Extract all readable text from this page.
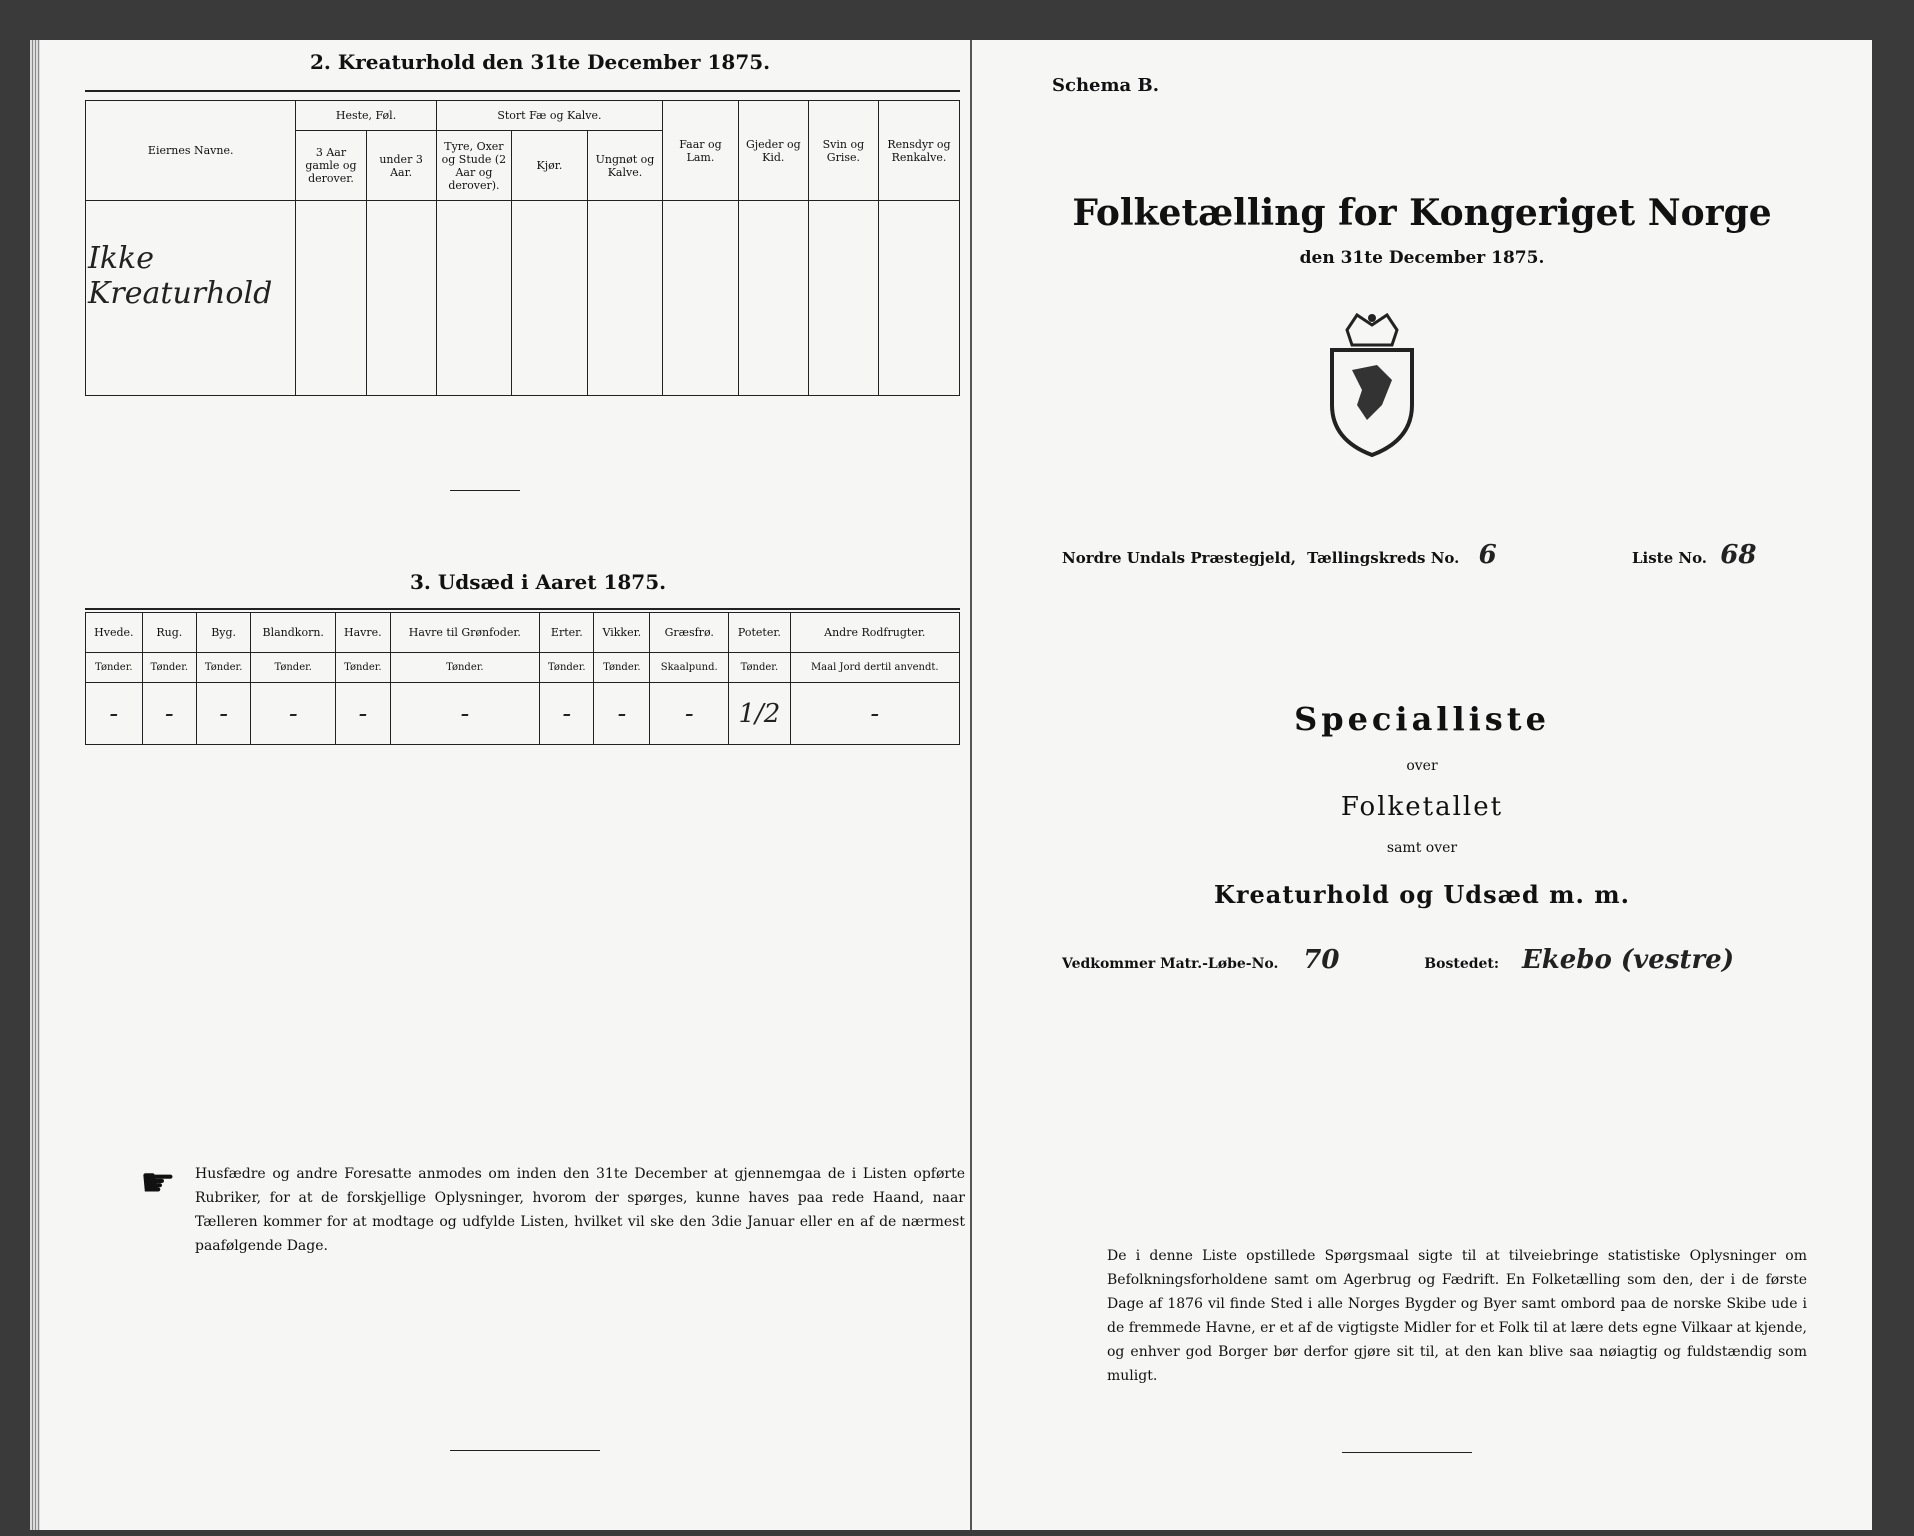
2. Kreaturhold den 31te December 1875.
Eiernes Navne.	Heste, Føl.		Stort Fæ og Kalve.			Faar og Lam.	Gjeder og Kid.	Svin og Grise.	Rensdyr og Renkalve.
	3 Aar gamle og derover.	under 3 Aar.	Tyre, Oxer og Stude (2 Aar og derover).	Kjør.	Ungnøt og Kalve.				
Ikke Kreaturhold									
3. Udsæd i Aaret 1875.
Hvede.	Rug.	Byg.	Blandkorn.	Havre.	Havre til Grønfoder.	Erter.	Vikker.	Græsfrø.	Poteter.	Andre Rodfrugter.
Tønder.	Tønder.	Tønder.	Tønder.	Tønder.	Tønder.	Tønder.	Tønder.	Skaalpund.	Tønder.	Maal Jord dertil anvendt.
-	-	-	-	-	-	-	-	-	1/2	-
☛ Husfædre og andre Foresatte anmodes om inden den 31te December at gjennemgaa de i Listen opførte Rubriker, for at de forskjellige Oplysninger, hvorom der spørges, kunne haves paa rede Haand, naar Tælleren kommer for at modtage og udfylde Listen, hvilket vil ske den 3die Januar eller en af de nærmest paafølgende Dage.
Schema B.
Folketælling for Kongeriget Norge
den 31te December 1875.
Nordre Undals Præstegjeld, Tællingskreds No. 6	Liste No. 68
Specialliste
over
Folketallet
samt over
Kreaturhold og Udsæd m. m.
Vedkommer Matr.-Løbe-No. 70	Bostedet: Ekebo (vestre)
De i denne Liste opstillede Spørgsmaal sigte til at tilveiebringe statistiske Oplysninger om Befolkningsforholdene samt om Agerbrug og Fædrift. En Folketælling som den, der i de første Dage af 1876 vil finde Sted i alle Norges Bygder og Byer samt ombord paa de norske Skibe ude i de fremmede Havne, er et af de vigtigste Midler for et Folk til at lære dets egne Vilkaar at kjende, og enhver god Borger bør derfor gjøre sit til, at den kan blive saa nøiagtig og fuldstændig som muligt.
